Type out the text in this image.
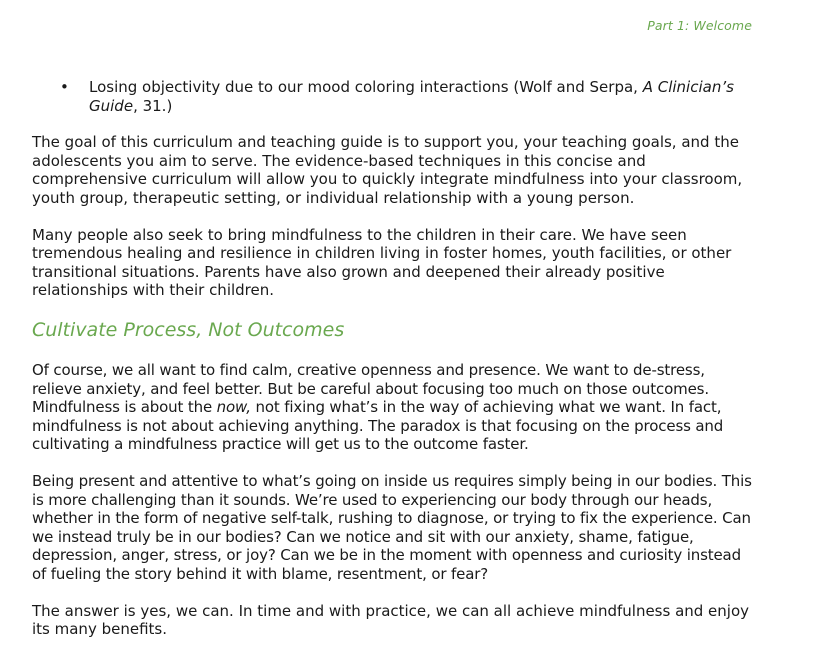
Part 1: Welcome
• Losing objectivity due to our mood coloring interactions (Wolf and Serpa, A Clinician’s Guide, 31.)

The goal of this curriculum and teaching guide is to support you, your teaching goals, and the adolescents you aim to serve. The evidence-based techniques in this concise and comprehensive curriculum will allow you to quickly integrate mindfulness into your classroom, youth group, therapeutic setting, or individual relationship with a young person.

Many people also seek to bring mindfulness to the children in their care. We have seen tremendous healing and resilience in children living in foster homes, youth facilities, or other transitional situations. Parents have also grown and deepened their already positive relationships with their children.

Cultivate Process, Not Outcomes

Of course, we all want to find calm, creative openness and presence. We want to de-stress, relieve anxiety, and feel better. But be careful about focusing too much on those outcomes. Mindfulness is about the now, not fixing what’s in the way of achieving what we want. In fact, mindfulness is not about achieving anything. The paradox is that focusing on the process and cultivating a mindfulness practice will get us to the outcome faster.

Being present and attentive to what’s going on inside us requires simply being in our bodies. This is more challenging than it sounds. We’re used to experiencing our body through our heads, whether in the form of negative self-talk, rushing to diagnose, or trying to fix the experience. Can we instead truly be in our bodies? Can we notice and sit with our anxiety, shame, fatigue, depression, anger, stress, or joy? Can we be in the moment with openness and curiosity instead of fueling the story behind it with blame, resentment, or fear?

The answer is yes, we can. In time and with practice, we can all achieve mindfulness and enjoy its many benefits.
